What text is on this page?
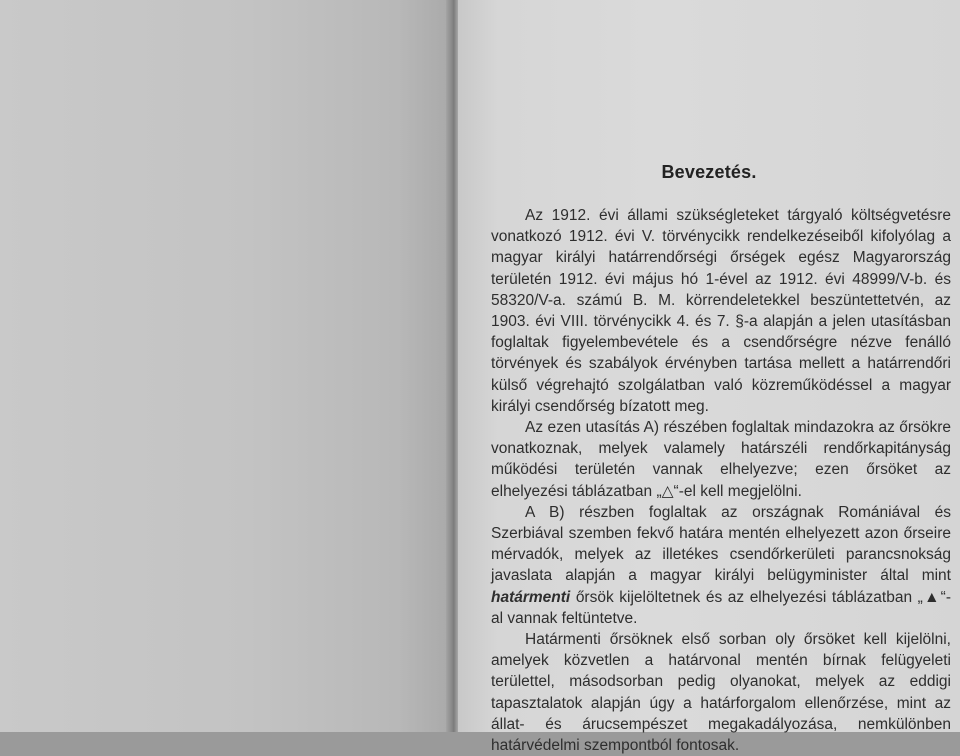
Bevezetés.

Az 1912. évi állami szükségleteket tárgyaló költségvetésre vonatkozó 1912. évi V. törvénycikk rendelkezéseiből kifolyólag a magyar királyi határrendőrségi őrségek egész Magyarország területén 1912. évi május hó 1-ével az 1912. évi 48999/V-b. és 58320/V-a. számú B. M. körrendeletekkel beszüntettetvén, az 1903. évi VIII. törvénycikk 4. és 7. §-a alapján a jelen utasításban foglaltak figyelembevétele és a csendőrségre nézve fenálló törvények és szabályok érvényben tartása mellett a határrendőri külső végrehajtó szolgálatban való közreműködéssel a magyar királyi csendőrség bízatott meg.

Az ezen utasítás A) részében foglaltak mindazokra az őrsökre vonatkoznak, melyek valamely határszéli rendőrkapitányság működési területén vannak elhelyezve; ezen őrsöket az elhelyezési táblázatban „△“-el kell megjelölni.

A B) részben foglaltak az országnak Romániával és Szerbiával szemben fekvő határa mentén elhelyezett azon őrseire mérvadók, melyek az illetékes csendőrkerületi parancsnokság javaslata alapján a magyar királyi belügyminister által mint határmenti őrsök kijelöltetnek és az elhelyezési táblázatban „▲“-al vannak feltüntetve.

Határmenti őrsöknek első sorban oly őrsöket kell kijelölni, amelyek közvetlen a határvonal mentén bírnak felügyeleti területtel, másodsorban pedig olyanokat, melyek az eddigi tapasztalatok alapján úgy a határforgalom ellenőrzése, mint az állat- és árucsempészet megakadályozása, nemkülönben határvédelmi szempontból fontosak.
